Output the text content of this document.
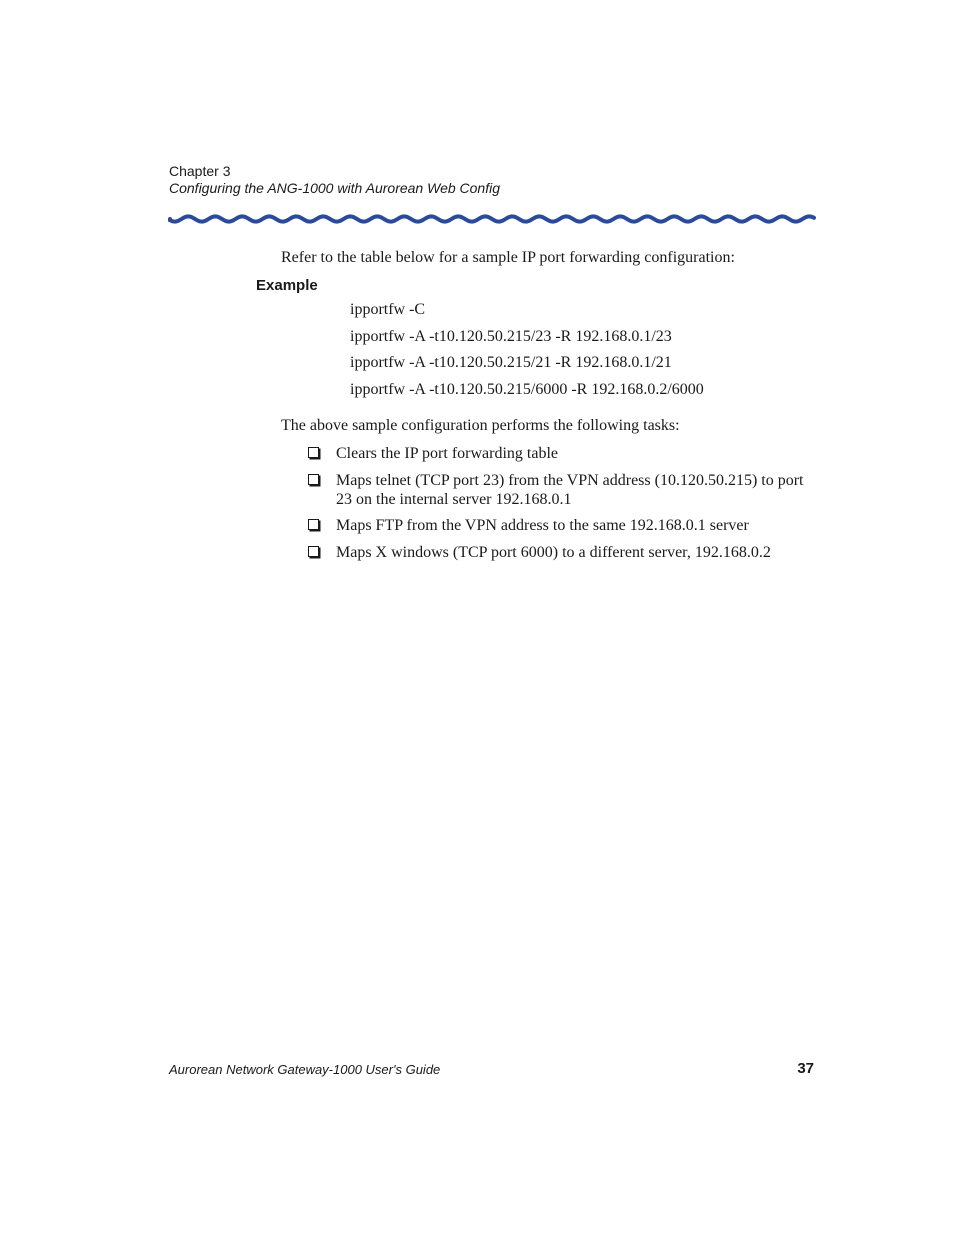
Chapter 3
Configuring the ANG-1000 with Aurorean Web Config
Refer to the table below for a sample IP port forwarding configuration:
Example
ipportfw -C
ipportfw -A -t10.120.50.215/23 -R 192.168.0.1/23
ipportfw -A -t10.120.50.215/21 -R 192.168.0.1/21
ipportfw -A -t10.120.50.215/6000 -R 192.168.0.2/6000
The above sample configuration performs the following tasks:
Clears the IP port forwarding table
Maps telnet (TCP port 23) from the VPN address (10.120.50.215) to port 23 on the internal server 192.168.0.1
Maps FTP from the VPN address to the same 192.168.0.1 server
Maps X windows (TCP port 6000) to a different server, 192.168.0.2
Aurorean Network Gateway-1000 User's Guide	37
